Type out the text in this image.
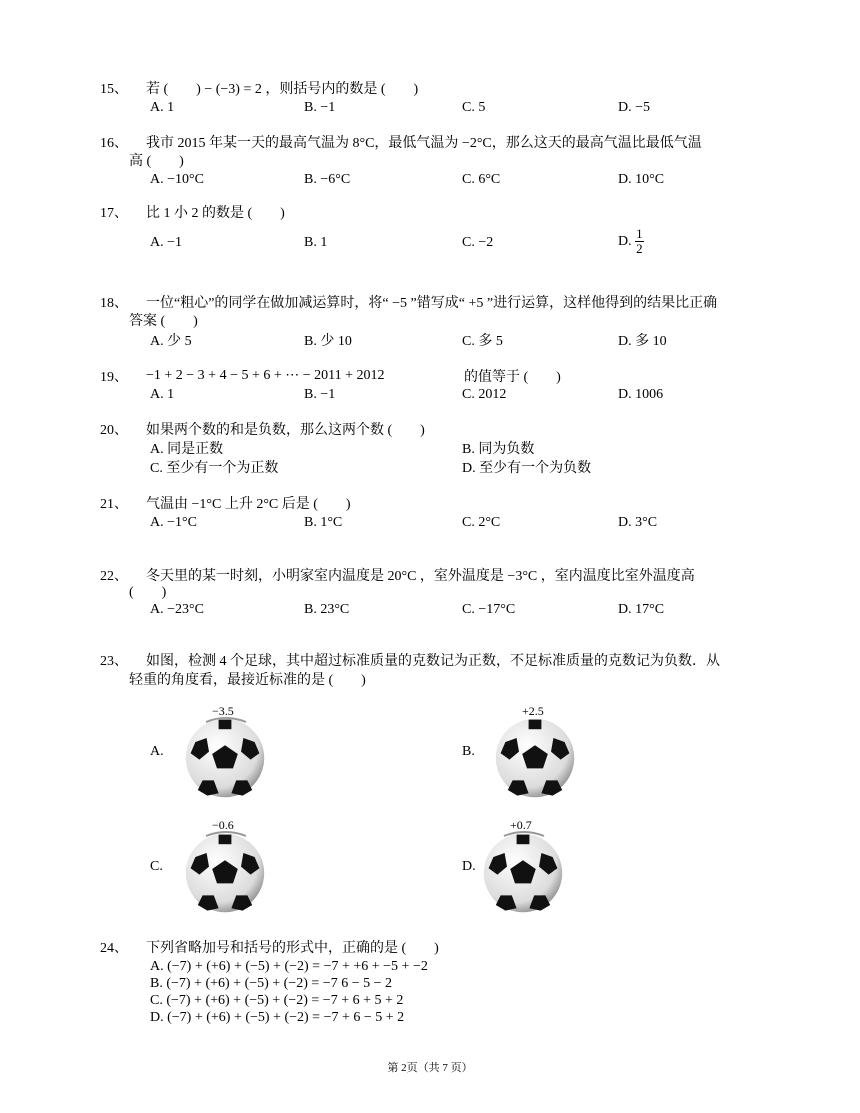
15、 若 (　　) − (−3) = 2 ，则括号内的数是 (　　)
A. 1	B. −1	C. 5	D. −5
16、 我市 2015 年某一天的最高气温为 8°C，最低气温为 −2°C，那么这天的最高气温比最低气温
高 (　　)
A. −10°C	B. −6°C	C. 6°C	D. 10°C
17、 比 1 小 2 的数是 (　　)
A. −1	B. 1	C. −2	D. $\frac{1}{2}$
18、 一位“粗心”的同学在做加减运算时，将“ −5 ”错写成“ +5 ”进行运算，这样他得到的结果比正确
答案 (　　)
A. 少 5	B. 少 10	C. 多 5	D. 多 10
19、 −1 + 2 − 3 + 4 − 5 + 6 + ⋯ − 2011 + 2012	的值等于 (　　)
A. 1	B. −1	C. 2012	D. 1006
20、 如果两个数的和是负数，那么这两个数 (　　)
A. 同是正数	B. 同为负数
C. 至少有一个为正数	D. 至少有一个为负数
21、 气温由 −1°C 上升 2°C 后是 (　　)
A. −1°C	B. 1°C	C. 2°C	D. 3°C
22、 冬天里的某一时刻，小明家室内温度是 20°C ，室外温度是 −3°C ，室内温度比室外温度高
(　　)
A. −23°C	B. 23°C	C. −17°C	D. 17°C
23、 如图，检测 4 个足球，其中超过标准质量的克数记为正数，不足标准质量的克数记为负数．从
轻重的角度看，最接近标准的是 (　　)
A.
−3.5
B.
+2.5
C.
−0.6
D.
+0.7
24、 下列省略加号和括号的形式中，正确的是 (　　)
A. (−7) + (+6) + (−5) + (−2) = −7 + +6 + −5 + −2
B. (−7) + (+6) + (−5) + (−2) = −7 6 − 5 − 2
C. (−7) + (+6) + (−5) + (−2) = −7 + 6 + 5 + 2
D. (−7) + (+6) + (−5) + (−2) = −7 + 6 − 5 + 2
第 2页（共 7 页）
